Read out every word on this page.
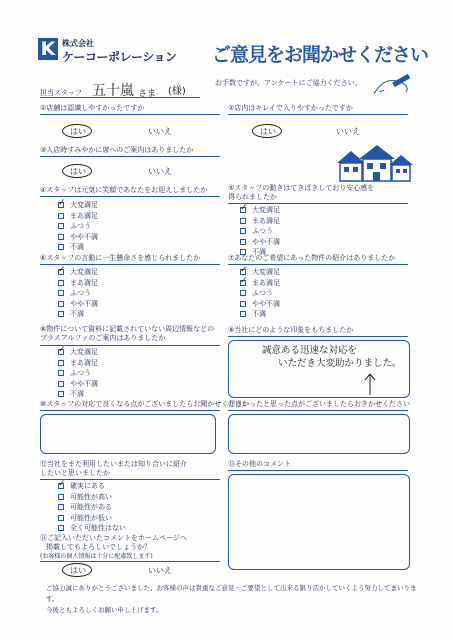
K 株式会社
ケーコーポレーション ご意見をお聞かせください
担当スタッフ 五十嵐 さま (様)
お手数ですが、アンケートにご協力ください。
①店舗は認識しやすかったですか
はい	いいえ
②店内はキレイで入りやすかったですか
はい	いいえ
③入店時すみやかに席へのご案内はありましたか
はい	いいえ
④スタッフは元気に笑顔であなたをお迎えしましたか
✓
大変満足
まあ満足
ふつう
やや不満
不満
⑤スタッフの動きはてきぱきしており安心感を得られましたか
✓
大変満足
まあ満足
ふつう
やや不満
不満
⑥スタッフの言動に一生懸命さを感じられましたか
✓
大変満足
まあ満足
ふつう
やや不満
不満
⑦あなたのご希望にあった物件の紹介はありましたか
✓
大変満足
✓
まあ満足
ふつう
やや不満
不満
⑧物件について資料に記載されていない周辺情報などのプラスアルファのご案内はありましたか
✓
大変満足
まあ満足
ふつう
やや不満
不満
⑨当社にどのような印象をもちましたか
誠意ある迅速な対応を
いただき大変助かりました。
⑩スタッフの対応で良くなる点がございましたらお聞かせください
⑪良かったと思った点がございましたらおきかせください
⑫当社をまた利用したいまたは知り合いに紹介したいと思いましたか
✓
確実にある
可能性が高い
可能性がある
可能性が低い
全く可能性はない
⑬その他のコメント
⑭ご記入いただいたコメントをホームページへ
掲載してもよろしいでしょうか？
(お客様の個人情報は十分に配慮致します)
はい	いいえ
ご協力誠にありがとうございました。お客様の声は貴重なご意見・ご要望として出来る限り活かしていくよう努力してまいります。
今後ともよろしくお願い申し上げます。
